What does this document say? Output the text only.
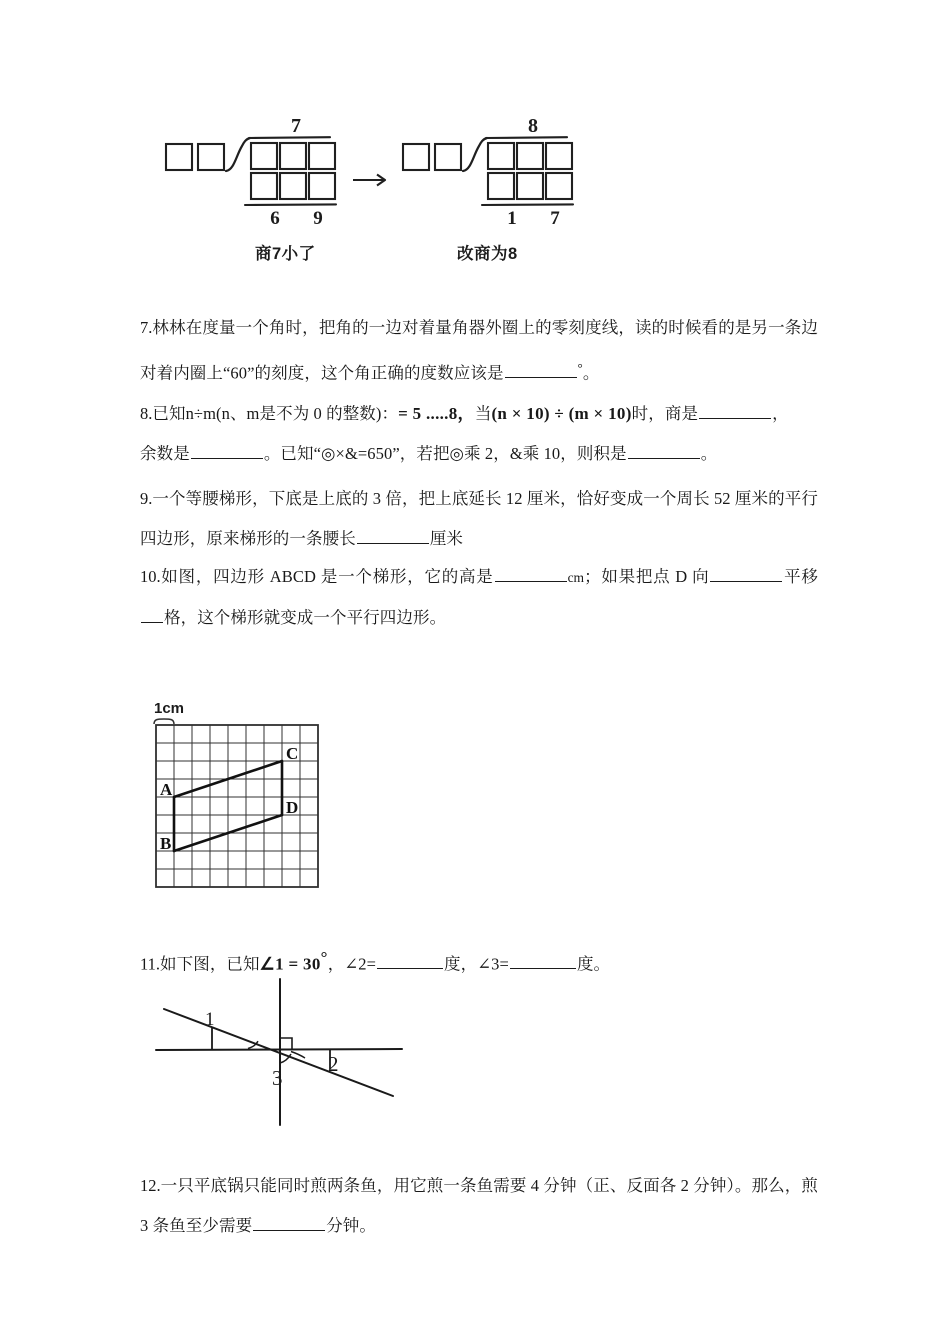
7
6 9
8
1 7
商7小了	改商为8

7.林林在度量一个角时，把角的一边对着量角器外圈上的零刻度线，读的时候看的是另一条边对着内圈上“60”的刻度，这个角正确的度数应该是	°。

8.已知n÷m(n、m是不为 0 的整数)：= 5 .....8，当(n × 10) ÷ (m × 10)时，商是	，
余数是	。已知“◎×&=650”，若把◎乘 2，&乘 10，则积是	。

9.一个等腰梯形，下底是上底的 3 倍，把上底延长 12 厘米，恰好变成一个周长 52 厘米的平行四边形，原来梯形的一条腰长	厘米

10.如图，四边形 ABCD 是一个梯形，它的高是	cm；如果把点 D 向	平移格，这个梯形就变成一个平行四边形。

1cm
A
B
C
D

11.如下图，已知∠1 = 30°，∠2=	度，∠3=	度。

1
2
3

12.一只平底锅只能同时煎两条鱼，用它煎一条鱼需要 4 分钟（正、反面各 2 分钟）。那么，煎 3 条鱼至少需要	分钟。
